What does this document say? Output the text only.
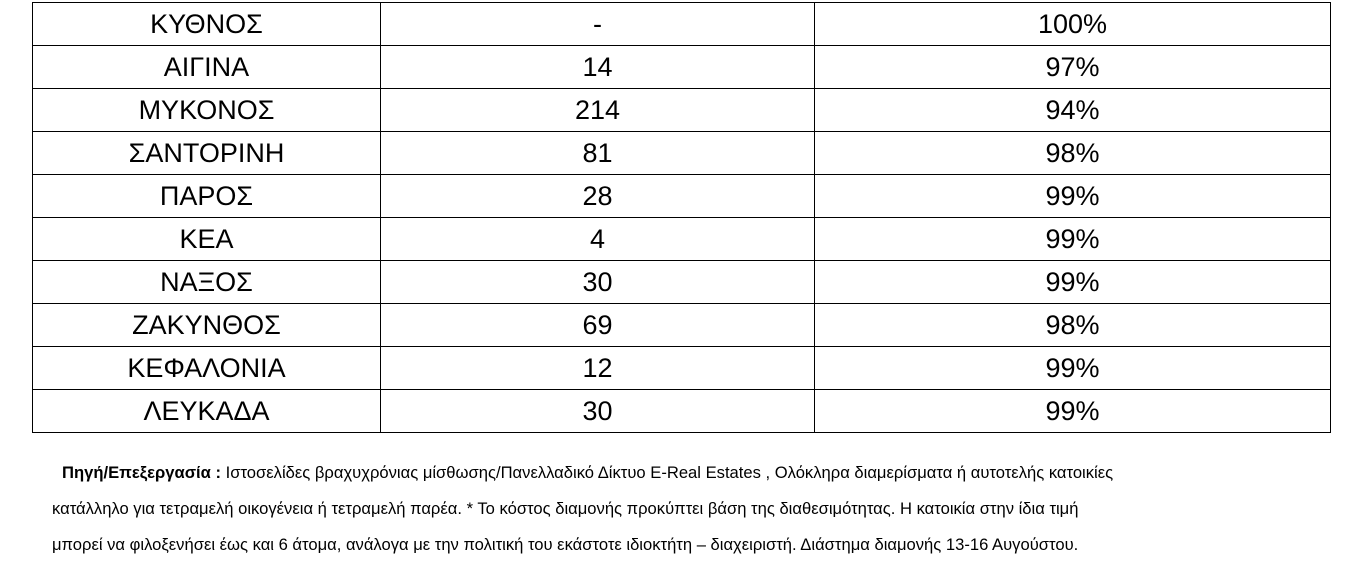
ΚΥΘΝΟΣ	-	100%
ΑΙΓΙΝΑ	14	97%
ΜΥΚΟΝΟΣ	214	94%
ΣΑΝΤΟΡΙΝΗ	81	98%
ΠΑΡΟΣ	28	99%
ΚΕΑ	4	99%
ΝΑΞΟΣ	30	99%
ΖΑΚΥΝΘΟΣ	69	98%
ΚΕΦΑΛΟΝΙΑ	12	99%
ΛΕΥΚΑΔΑ	30	99%
Πηγή/Επεξεργασία : Ιστοσελίδες βραχυχρόνιας μίσθωσης/Πανελλαδικό Δίκτυο E-Real Estates , Ολόκληρα διαμερίσματα ή αυτοτελής κατοικίες
κατάλληλο για τετραμελή οικογένεια ή τετραμελή παρέα. * Το κόστος διαμονής προκύπτει βάση της διαθεσιμότητας. Η κατοικία στην ίδια τιμή
μπορεί να φιλοξενήσει έως και 6 άτομα, ανάλογα με την πολιτική του εκάστοτε ιδιοκτήτη – διαχειριστή. Διάστημα διαμονής 13-16 Αυγούστου.
